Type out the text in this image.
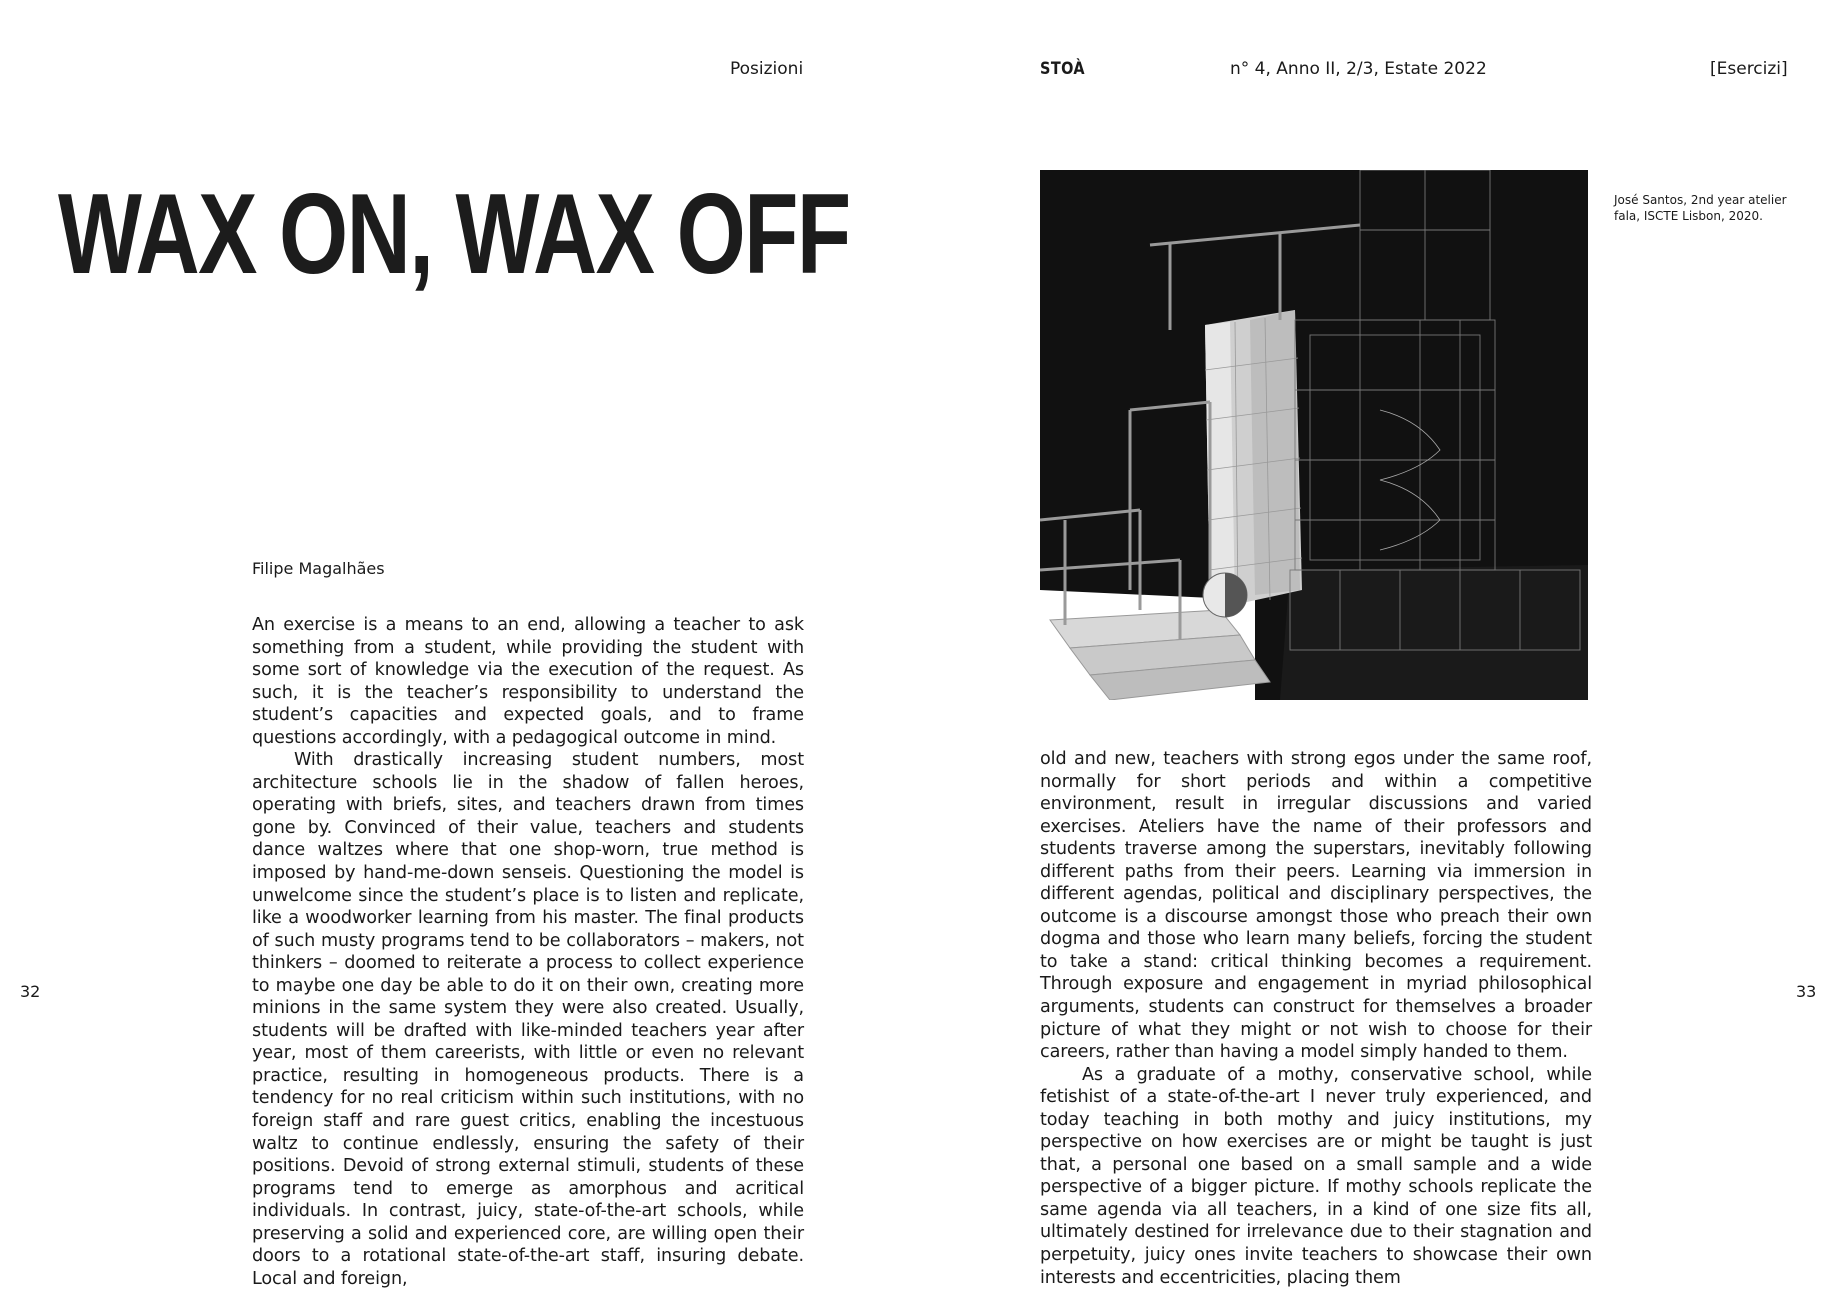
Posizioni	STOÀ	n° 4, Anno II, 2/3, Estate 2022	[Esercizi]
WAX ON, WAX OFF
Filipe Magalhães

An exercise is a means to an end, allowing a teacher to ask something from a student, while providing the student with some sort of knowledge via the execution of the request. As such, it is the teacher’s responsibility to understand the student’s capacities and expected goals, and to frame questions accordingly, with a pedagogical outcome in mind.

With drastically increasing student numbers, most architecture schools lie in the shadow of fallen heroes, operating with briefs, sites, and teachers drawn from times gone by. Convinced of their value, teachers and students dance waltzes where that one shop-worn, true method is imposed by hand-me-down senseis. Questioning the model is unwelcome since the student’s place is to listen and replicate, like a woodworker learning from his master. The final products of such musty programs tend to be collaborators – makers, not thinkers – doomed to reiterate a process to collect experience to maybe one day be able to do it on their own, creating more minions in the same system they were also created. Usually, students will be drafted with like-minded teachers year after year, most of them careerists, with little or even no relevant practice, resulting in homogeneous products. There is a tendency for no real criticism within such institutions, with no foreign staff and rare guest critics, enabling the incestuous waltz to continue endlessly, ensuring the safety of their positions. Devoid of strong external stimuli, students of these programs tend to emerge as amorphous and acritical individuals. In contrast, juicy, state-of-the-art schools, while preserving a solid and experienced core, are willing open their doors to a rotational state-of-the-art staff, insuring debate. Local and foreign,

old and new, teachers with strong egos under the same roof, normally for short periods and within a competitive environment, result in irregular discussions and varied exercises. Ateliers have the name of their professors and students traverse among the superstars, inevitably following different paths from their peers. Learning via immersion in different agendas, political and disciplinary perspectives, the outcome is a discourse amongst those who preach their own dogma and those who learn many beliefs, forcing the student to take a stand: critical thinking becomes a requirement. Through exposure and engagement in myriad philosophical arguments, students can construct for themselves a broader picture of what they might or not wish to choose for their careers, rather than having a model simply handed to them.

As a graduate of a mothy, conservative school, while fetishist of a state-of-the-art I never truly experienced, and today teaching in both mothy and juicy institutions, my perspective on how exercises are or might be taught is just that, a personal one based on a small sample and a wide perspective of a bigger picture. If mothy schools replicate the same agenda via all teachers, in a kind of one size fits all, ultimately destined for irrelevance due to their stagnation and perpetuity, juicy ones invite teachers to showcase their own interests and eccentricities, placing them

32	33
José Santos, 2nd year atelier fala, ISCTE Lisbon, 2020.
